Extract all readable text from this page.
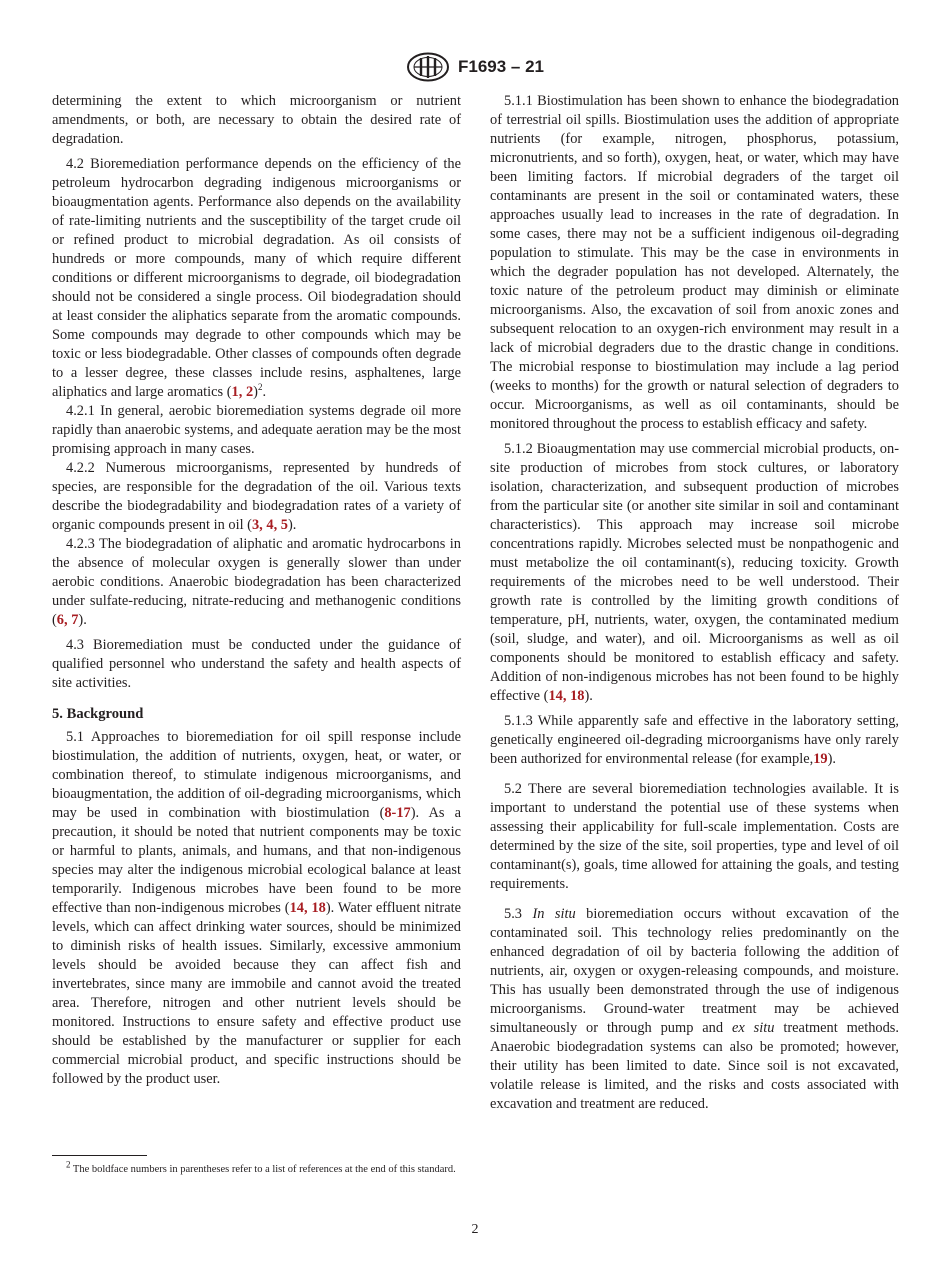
F1693 – 21

determining the extent to which microorganism or nutrient amendments, or both, are necessary to obtain the desired rate of degradation.

4.2 Bioremediation performance depends on the efficiency of the petroleum hydrocarbon degrading indigenous microorganisms or bioaugmentation agents. Performance also depends on the availability of rate-limiting nutrients and the susceptibility of the target crude oil or refined product to microbial degradation. As oil consists of hundreds or more compounds, many of which require different conditions or different microorganisms to degrade, oil biodegradation should not be considered a single process. Oil biodegradation should at least consider the aliphatics separate from the aromatic compounds. Some compounds may degrade to other compounds which may be toxic or less biodegradable. Other classes of compounds often degrade to a lesser degree, these classes include resins, asphaltenes, large aliphatics and large aromatics (1, 2)$^2$.

4.2.1 In general, aerobic bioremediation systems degrade oil more rapidly than anaerobic systems, and adequate aeration may be the most promising approach in many cases.

4.2.2 Numerous microorganisms, represented by hundreds of species, are responsible for the degradation of the oil. Various texts describe the biodegradability and biodegradation rates of a variety of organic compounds present in oil (3, 4, 5).

4.2.3 The biodegradation of aliphatic and aromatic hydrocarbons in the absence of molecular oxygen is generally slower than under aerobic conditions. Anaerobic biodegradation has been characterized under sulfate-reducing, nitrate-reducing and methanogenic conditions (6, 7).

4.3 Bioremediation must be conducted under the guidance of qualified personnel who understand the safety and health aspects of site activities.

5. Background

5.1 Approaches to bioremediation for oil spill response include biostimulation, the addition of nutrients, oxygen, heat, or water, or combination thereof, to stimulate indigenous microorganisms, and bioaugmentation, the addition of oil-degrading microorganisms, which may be used in combination with biostimulation (8-17). As a precaution, it should be noted that nutrient components may be toxic or harmful to plants, animals, and humans, and that non-indigenous species may alter the indigenous microbial ecological balance at least temporarily. Indigenous microbes have been found to be more effective than non-indigenous microbes (14, 18). Water effluent nitrate levels, which can affect drinking water sources, should be minimized to diminish risks of health issues. Similarly, excessive ammonium levels should be avoided because they can affect fish and invertebrates, since many are immobile and cannot avoid the treated area. Therefore, nitrogen and other nutrient levels should be monitored. Instructions to ensure safety and effective product use should be established by the manufacturer or supplier for each commercial microbial product, and specific instructions should be followed by the product user.

5.1.1 Biostimulation has been shown to enhance the biodegradation of terrestrial oil spills. Biostimulation uses the addition of appropriate nutrients (for example, nitrogen, phosphorus, potassium, micronutrients, and so forth), oxygen, heat, or water, which may have been limiting factors. If microbial degraders of the target oil contaminants are present in the soil or contaminated waters, these approaches usually lead to increases in the rate of degradation. In some cases, there may not be a sufficient indigenous oil-degrading population to stimulate. This may be the case in environments in which the degrader population has not developed. Alternately, the toxic nature of the petroleum product may diminish or eliminate microorganisms. Also, the excavation of soil from anoxic zones and subsequent relocation to an oxygen-rich environment may result in a lack of microbial degraders due to the drastic change in conditions. The microbial response to biostimulation may include a lag period (weeks to months) for the growth or natural selection of degraders to occur. Microorganisms, as well as oil contaminants, should be monitored throughout the process to establish efficacy and safety.

5.1.2 Bioaugmentation may use commercial microbial products, on-site production of microbes from stock cultures, or laboratory isolation, characterization, and subsequent production of microbes from the particular site (or another site similar in soil and contaminant characteristics). This approach may increase soil microbe concentrations rapidly. Microbes selected must be nonpathogenic and must metabolize the oil contaminant(s), reducing toxicity. Growth requirements of the microbes need to be well understood. Their growth rate is controlled by the limiting growth conditions of temperature, pH, nutrients, water, oxygen, the contaminated medium (soil, sludge, and water), and oil. Microorganisms as well as oil components should be monitored to establish efficacy and safety. Addition of non-indigenous microbes has not been found to be highly effective (14, 18).

5.1.3 While apparently safe and effective in the laboratory setting, genetically engineered oil-degrading microorganisms have only rarely been authorized for environmental release (for example,19).

5.2 There are several bioremediation technologies available. It is important to understand the potential use of these systems when assessing their applicability for full-scale implementation. Costs are determined by the size of the site, soil properties, type and level of oil contaminant(s), goals, time allowed for attaining the goals, and testing requirements.

5.3 In situ bioremediation occurs without excavation of the contaminated soil. This technology relies predominantly on the enhanced degradation of oil by bacteria following the addition of nutrients, air, oxygen or oxygen-releasing compounds, and moisture. This has usually been demonstrated through the use of indigenous microorganisms. Ground-water treatment may be achieved simultaneously or through pump and ex situ treatment methods. Anaerobic biodegradation systems can also be promoted; however, their utility has been limited to date. Since soil is not excavated, volatile release is limited, and the risks and costs associated with excavation and treatment are reduced.

$^2$ The boldface numbers in parentheses refer to a list of references at the end of this standard.
2
